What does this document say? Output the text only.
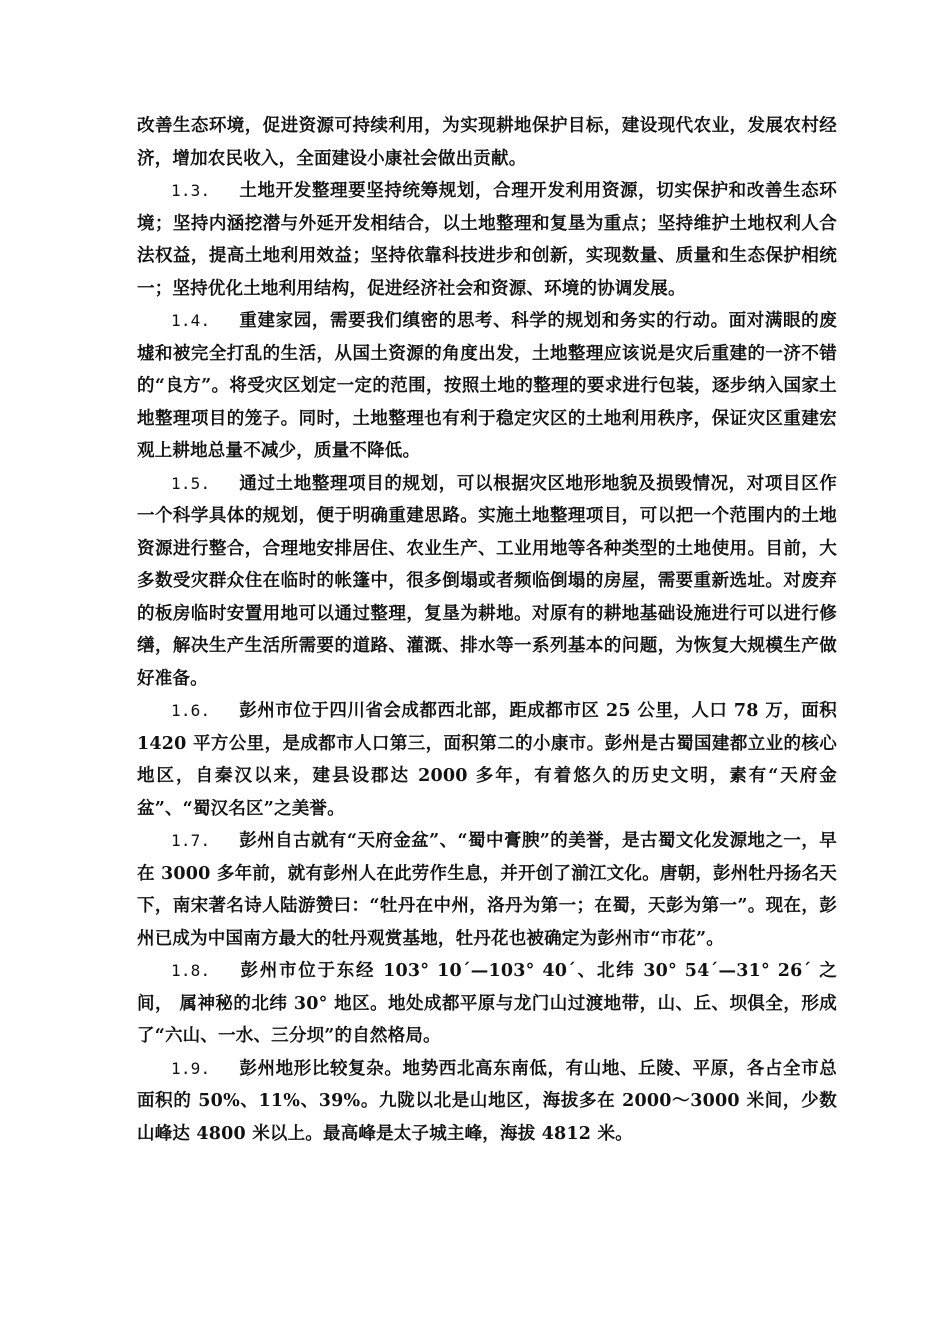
改善生态环境，促进资源可持续利用，为实现耕地保护目标，建设现代农业，发展农村经济，增加农民收入，全面建设小康社会做出贡献。

1.3. 土地开发整理要坚持统筹规划，合理开发利用资源，切实保护和改善生态环境；坚持内涵挖潜与外延开发相结合，以土地整理和复垦为重点；坚持维护土地权利人合法权益，提高土地利用效益；坚持依靠科技进步和创新，实现数量、质量和生态保护相统一；坚持优化土地利用结构，促进经济社会和资源、环境的协调发展。

1.4. 重建家园，需要我们缜密的思考、科学的规划和务实的行动。面对满眼的废墟和被完全打乱的生活，从国土资源的角度出发，土地整理应该说是灾后重建的一济不错的“良方”。将受灾区划定一定的范围，按照土地的整理的要求进行包装，逐步纳入国家土地整理项目的笼子。同时，土地整理也有利于稳定灾区的土地利用秩序，保证灾区重建宏观上耕地总量不减少，质量不降低。

1.5. 通过土地整理项目的规划，可以根据灾区地形地貌及损毁情况，对项目区作一个科学具体的规划，便于明确重建思路。实施土地整理项目，可以把一个范围内的土地资源进行整合，合理地安排居住、农业生产、工业用地等各种类型的土地使用。目前，大多数受灾群众住在临时的帐篷中，很多倒塌或者频临倒塌的房屋，需要重新选址。对废弃的板房临时安置用地可以通过整理，复垦为耕地。对原有的耕地基础设施进行可以进行修缮，解决生产生活所需要的道路、灌溉、排水等一系列基本的问题，为恢复大规模生产做好准备。

1.6. 彭州市位于四川省会成都西北部，距成都市区 25 公里，人口 78 万，面积 1420 平方公里，是成都市人口第三，面积第二的小康市。彭州是古蜀国建都立业的核心地区，自秦汉以来，建县设郡达 2000 多年，有着悠久的历史文明，素有“天府金盆”、“蜀汉名区”之美誉。

1.7. 彭州自古就有“天府金盆”、“蜀中膏腴”的美誉，是古蜀文化发源地之一，早在 3000 多年前，就有彭州人在此劳作生息，并开创了湔江文化。唐朝，彭州牡丹扬名天下，南宋著名诗人陆游赞曰：“牡丹在中州，洛丹为第一；在蜀，天彭为第一”。现在，彭州已成为中国南方最大的牡丹观赏基地，牡丹花也被确定为彭州市“市花”。

1.8. 彭州市位于东经 103° 10´—103° 40´、北纬 30° 54´—31° 26´ 之间， 属神秘的北纬 30° 地区。地处成都平原与龙门山过渡地带，山、丘、坝俱全，形成了“六山、一水、三分坝”的自然格局。

1.9. 彭州地形比较复杂。地势西北高东南低，有山地、丘陵、平原，各占全市总面积的 50%、11%、39%。九陇以北是山地区，海拔多在 2000～3000 米间，少数山峰达 4800 米以上。最高峰是太子城主峰，海拔 4812 米。
